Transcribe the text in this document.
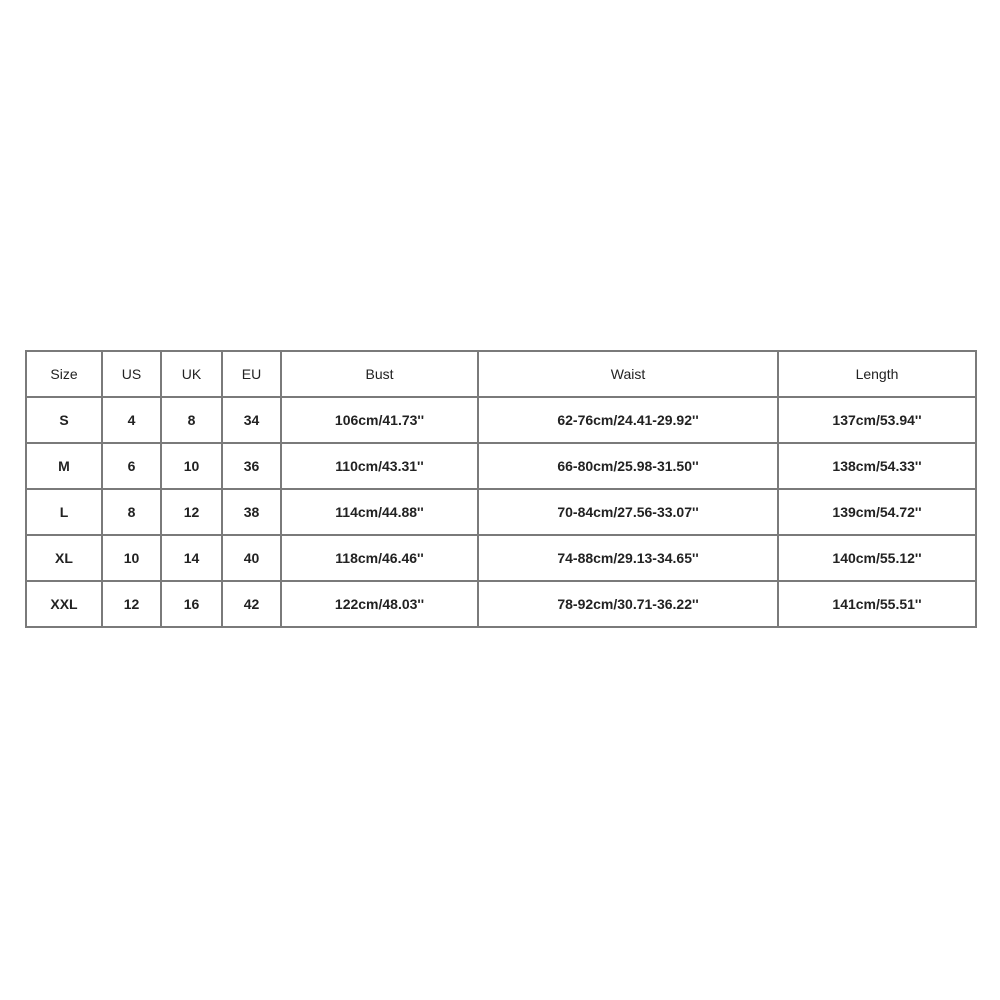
Size	US	UK	EU	Bust	Waist	Length
S	4	8	34	106cm/41.73''	62-76cm/24.41-29.92''	137cm/53.94''
M	6	10	36	110cm/43.31''	66-80cm/25.98-31.50''	138cm/54.33''
L	8	12	38	114cm/44.88''	70-84cm/27.56-33.07''	139cm/54.72''
XL	10	14	40	118cm/46.46''	74-88cm/29.13-34.65''	140cm/55.12''
XXL	12	16	42	122cm/48.03''	78-92cm/30.71-36.22''	141cm/55.51''
